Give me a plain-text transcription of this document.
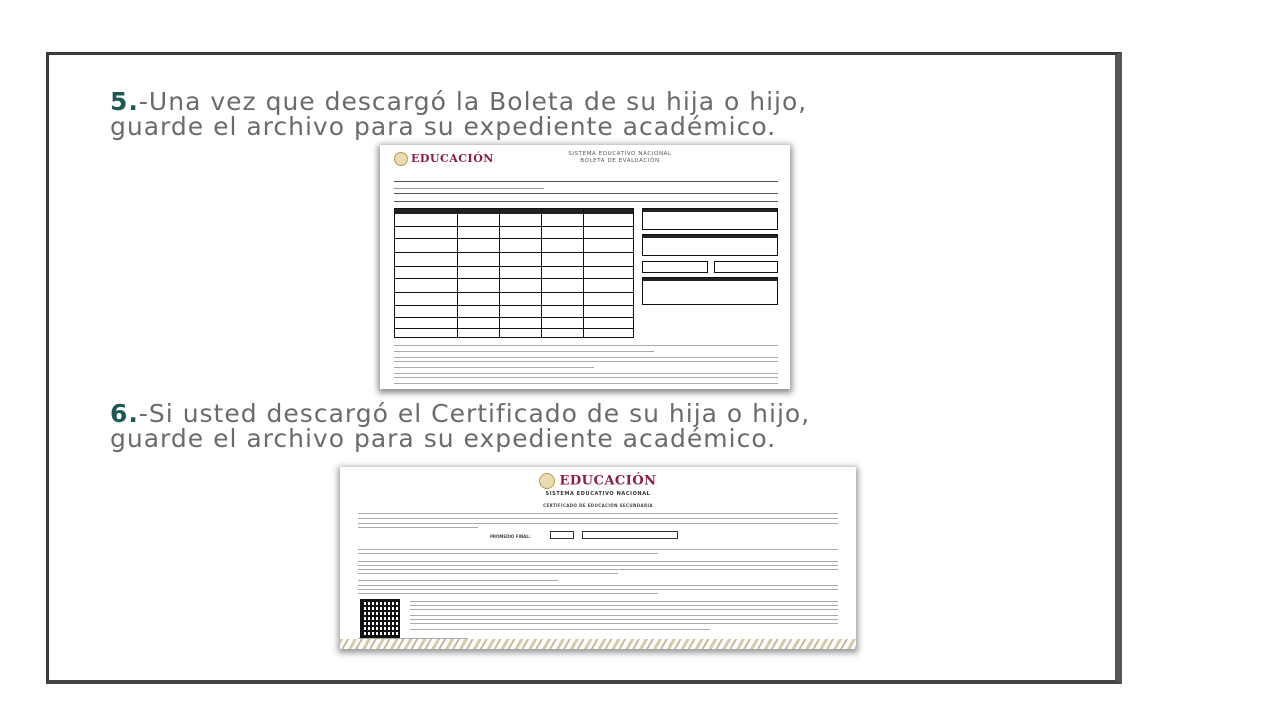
5.-Una vez que descargó la Boleta de su hija o hijo,
guarde el archivo para su expediente académico.

EDUCACIÓN	SISTEMA EDUCATIVO NACIONAL
BOLETA DE EVALUACIÓN

6.-Si usted descargó el Certificado de su hija o hijo,
guarde el archivo para su expediente académico.

EDUCACIÓN
SISTEMA EDUCATIVO NACIONAL
CERTIFICADO DE EDUCACIÓN SECUNDARIA
PROMEDIO FINAL:
